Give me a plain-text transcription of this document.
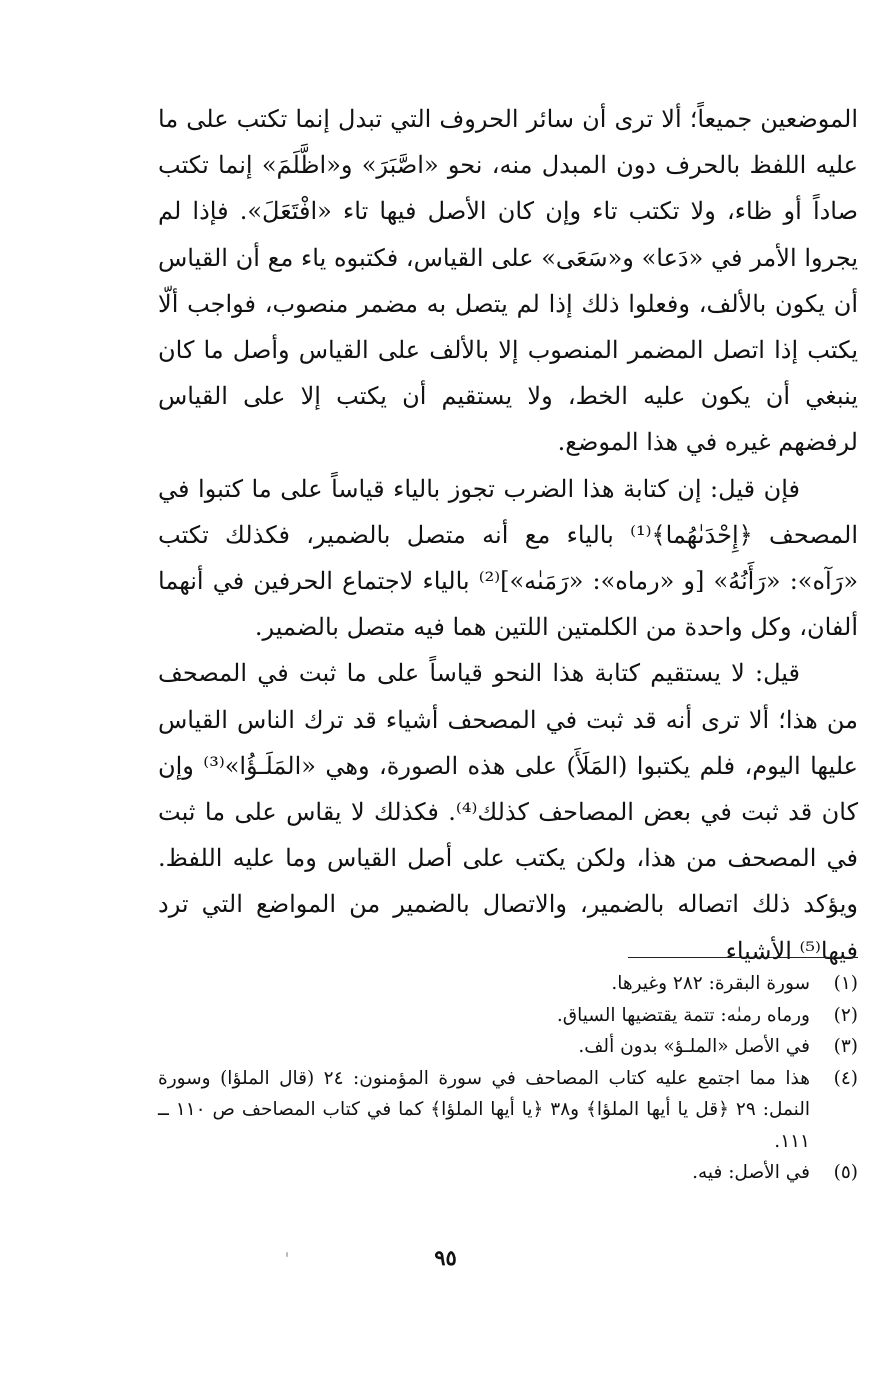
الموضعين جميعاً؛ ألا ترى أن سائر الحروف التي تبدل إنما تكتب على ما عليه اللفظ بالحرف دون المبدل منه، نحو «اصَّبَرَ» و«اظَّلَمَ» إنما تكتب صاداً أو ظاء، ولا تكتب تاء وإن كان الأصل فيها تاء «افْتَعَلَ». فإذا لم يجروا الأمر في «دَعا» و«سَعَى» على القياس، فكتبوه ياء مع أن القياس أن يكون بالألف، وفعلوا ذلك إذا لم يتصل به مضمر منصوب، فواجب ألّا يكتب إذا اتصل المضمر المنصوب إلا بالألف على القياس وأصل ما كان ينبغي أن يكون عليه الخط، ولا يستقيم أن يكتب إلا على القياس لرفضهم غيره في هذا الموضع.

فإن قيل: إن كتابة هذا الضرب تجوز بالياء قياساً على ما كتبوا في المصحف ﴿إِحْدَىٰهُما﴾⁽¹⁾ بالياء مع أنه متصل بالضمير، فكذلك تكتب «رَآه»: «رَأَنُهُ» [و «رماه»: «رَمَىٰه»]⁽²⁾ بالياء لاجتماع الحرفين في أنهما ألفان، وكل واحدة من الكلمتين اللتين هما فيه متصل بالضمير.

قيل: لا يستقيم كتابة هذا النحو قياساً على ما ثبت في المصحف من هذا؛ ألا ترى أنه قد ثبت في المصحف أشياء قد ترك الناس القياس عليها اليوم، فلم يكتبوا (المَلَأَ) على هذه الصورة، وهي «المَلَـؤُا»⁽³⁾ وإن كان قد ثبت في بعض المصاحف كذلك⁽⁴⁾. فكذلك لا يقاس على ما ثبت في المصحف من هذا، ولكن يكتب على أصل القياس وما عليه اللفظ. ويؤكد ذلك اتصاله بالضمير، والاتصال بالضمير من المواضع التي ترد فيها⁽⁵⁾ الأشياء

(١)
سورة البقرة: ٢٨٢ وغيرها.
(٢)
ورماه رمىٰه: تتمة يقتضيها السياق.
(٣)
في الأصل «الملـؤ» بدون ألف.
(٤)
هذا مما اجتمع عليه كتاب المصاحف في سورة المؤمنون: ٢٤ (قال الملؤا) وسورة النمل: ٢٩ ﴿قل يا أيها الملؤا﴾ و٣٨ ﴿يا أيها الملؤا﴾ كما في كتاب المصاحف ص ١١٠ ــ ١١١.
(٥)
في الأصل: فيه.
٩٥
